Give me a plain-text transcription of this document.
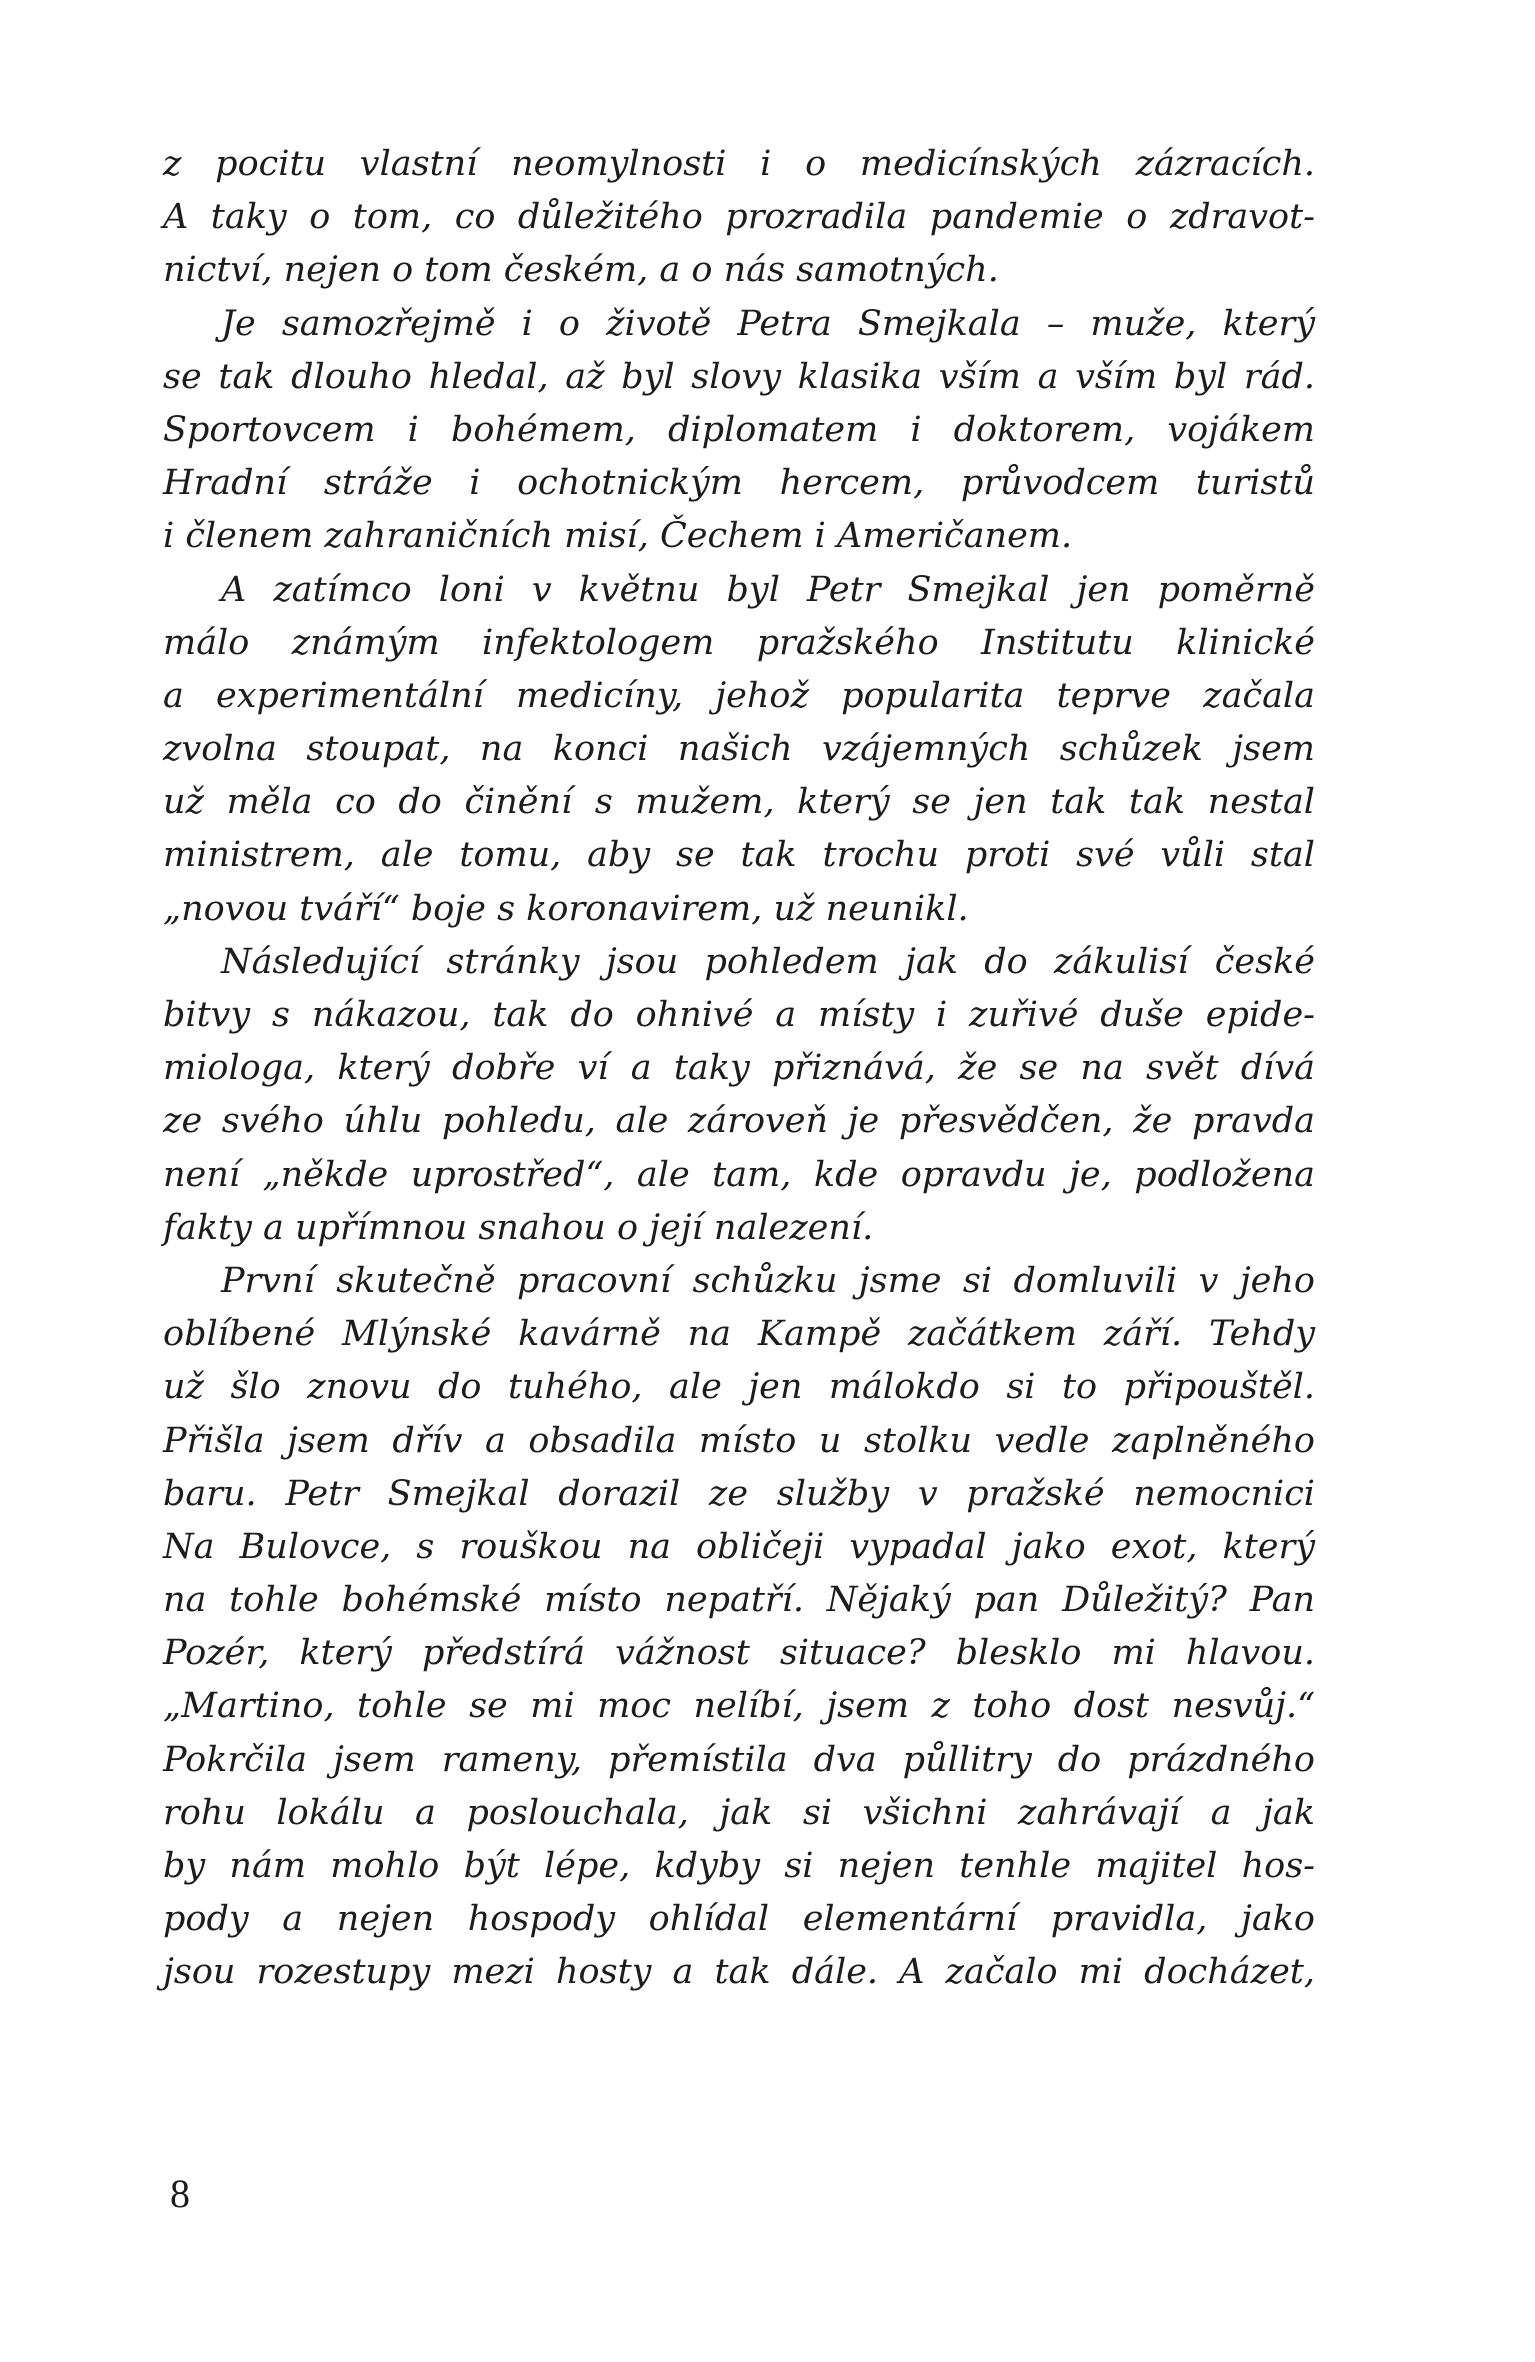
z pocitu vlastní neomylnosti i o medicínských zázracích.
A taky o tom, co důležitého prozradila pandemie o zdravot-
nictví, nejen o tom českém, a o nás samotných.
Je samozřejmě i o životě Petra Smejkala – muže, který
se tak dlouho hledal, až byl slovy klasika vším a vším byl rád.
Sportovcem i bohémem, diplomatem i doktorem, vojákem
Hradní stráže i ochotnickým hercem, průvodcem turistů
i členem zahraničních misí, Čechem i Američanem.
A zatímco loni v květnu byl Petr Smejkal jen poměrně
málo známým infektologem pražského Institutu klinické
a experimentální medicíny, jehož popularita teprve začala
zvolna stoupat, na konci našich vzájemných schůzek jsem
už měla co do činění s mužem, který se jen tak tak nestal
ministrem, ale tomu, aby se tak trochu proti své vůli stal
„novou tváří“ boje s koronavirem, už neunikl.
Následující stránky jsou pohledem jak do zákulisí české
bitvy s nákazou, tak do ohnivé a místy i zuřivé duše epide-
miologa, který dobře ví a taky přiznává, že se na svět dívá
ze svého úhlu pohledu, ale zároveň je přesvědčen, že pravda
není „někde uprostřed“, ale tam, kde opravdu je, podložena
fakty a upřímnou snahou o její nalezení.
První skutečně pracovní schůzku jsme si domluvili v jeho
oblíbené Mlýnské kavárně na Kampě začátkem září. Tehdy
už šlo znovu do tuhého, ale jen málokdo si to připouštěl.
Přišla jsem dřív a obsadila místo u stolku vedle zaplněného
baru. Petr Smejkal dorazil ze služby v pražské nemocnici
Na Bulovce, s rouškou na obličeji vypadal jako exot, který
na tohle bohémské místo nepatří. Nějaký pan Důležitý? Pan
Pozér, který předstírá vážnost situace? blesklo mi hlavou.
„Martino, tohle se mi moc nelíbí, jsem z toho dost nesvůj.“
Pokrčila jsem rameny, přemístila dva půllitry do prázdného
rohu lokálu a poslouchala, jak si všichni zahrávají a jak
by nám mohlo být lépe, kdyby si nejen tenhle majitel hos-
pody a nejen hospody ohlídal elementární pravidla, jako
jsou rozestupy mezi hosty a tak dále. A začalo mi docházet,
8
